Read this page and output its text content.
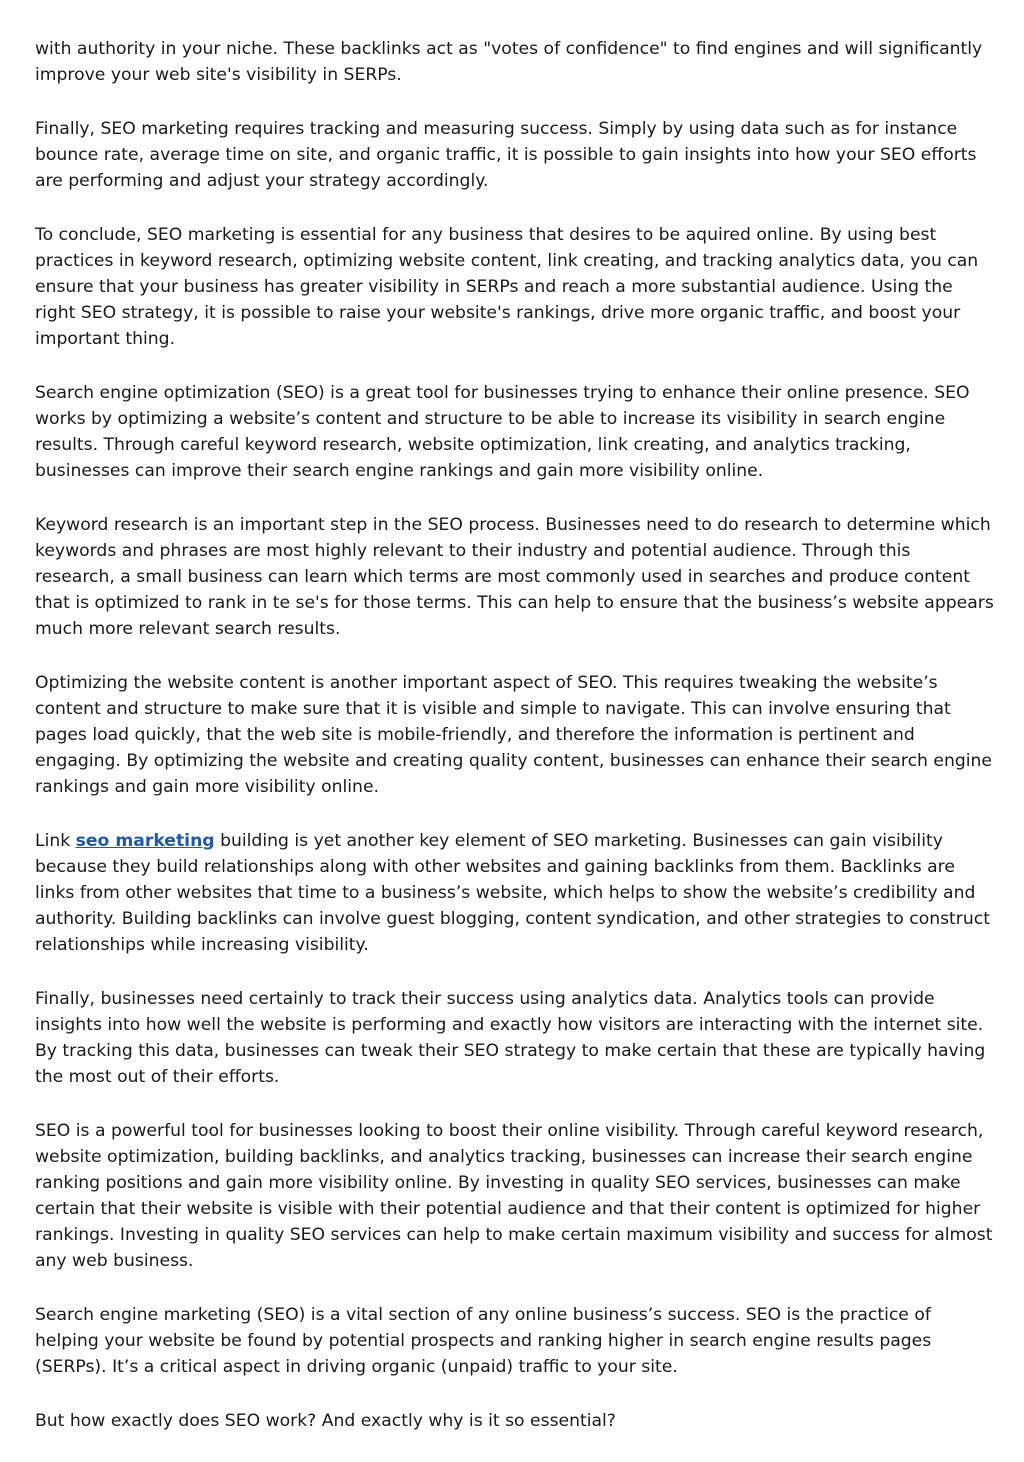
with authority in your niche. These backlinks act as "votes of confidence" to find engines and will significantly improve your web site's visibility in SERPs.

Finally, SEO marketing requires tracking and measuring success. Simply by using data such as for instance bounce rate, average time on site, and organic traffic, it is possible to gain insights into how your SEO efforts are performing and adjust your strategy accordingly.

To conclude, SEO marketing is essential for any business that desires to be aquired online. By using best practices in keyword research, optimizing website content, link creating, and tracking analytics data, you can ensure that your business has greater visibility in SERPs and reach a more substantial audience. Using the right SEO strategy, it is possible to raise your website's rankings, drive more organic traffic, and boost your important thing.

Search engine optimization (SEO) is a great tool for businesses trying to enhance their online presence. SEO works by optimizing a website’s content and structure to be able to increase its visibility in search engine results. Through careful keyword research, website optimization, link creating, and analytics tracking, businesses can improve their search engine rankings and gain more visibility online.

Keyword research is an important step in the SEO process. Businesses need to do research to determine which keywords and phrases are most highly relevant to their industry and potential audience. Through this research, a small business can learn which terms are most commonly used in searches and produce content that is optimized to rank in te se's for those terms. This can help to ensure that the business’s website appears much more relevant search results.

Optimizing the website content is another important aspect of SEO. This requires tweaking the website’s content and structure to make sure that it is visible and simple to navigate. This can involve ensuring that pages load quickly, that the web site is mobile-friendly, and therefore the information is pertinent and engaging. By optimizing the website and creating quality content, businesses can enhance their search engine rankings and gain more visibility online.

Link seo marketing building is yet another key element of SEO marketing. Businesses can gain visibility because they build relationships along with other websites and gaining backlinks from them. Backlinks are links from other websites that time to a business’s website, which helps to show the website’s credibility and authority. Building backlinks can involve guest blogging, content syndication, and other strategies to construct relationships while increasing visibility.

Finally, businesses need certainly to track their success using analytics data. Analytics tools can provide insights into how well the website is performing and exactly how visitors are interacting with the internet site. By tracking this data, businesses can tweak their SEO strategy to make certain that these are typically having the most out of their efforts.

SEO is a powerful tool for businesses looking to boost their online visibility. Through careful keyword research, website optimization, building backlinks, and analytics tracking, businesses can increase their search engine ranking positions and gain more visibility online. By investing in quality SEO services, businesses can make certain that their website is visible with their potential audience and that their content is optimized for higher rankings. Investing in quality SEO services can help to make certain maximum visibility and success for almost any web business.

Search engine marketing (SEO) is a vital section of any online business’s success. SEO is the practice of helping your website be found by potential prospects and ranking higher in search engine results pages (SERPs). It’s a critical aspect in driving organic (unpaid) traffic to your site.

But how exactly does SEO work? And exactly why is it so essential?
